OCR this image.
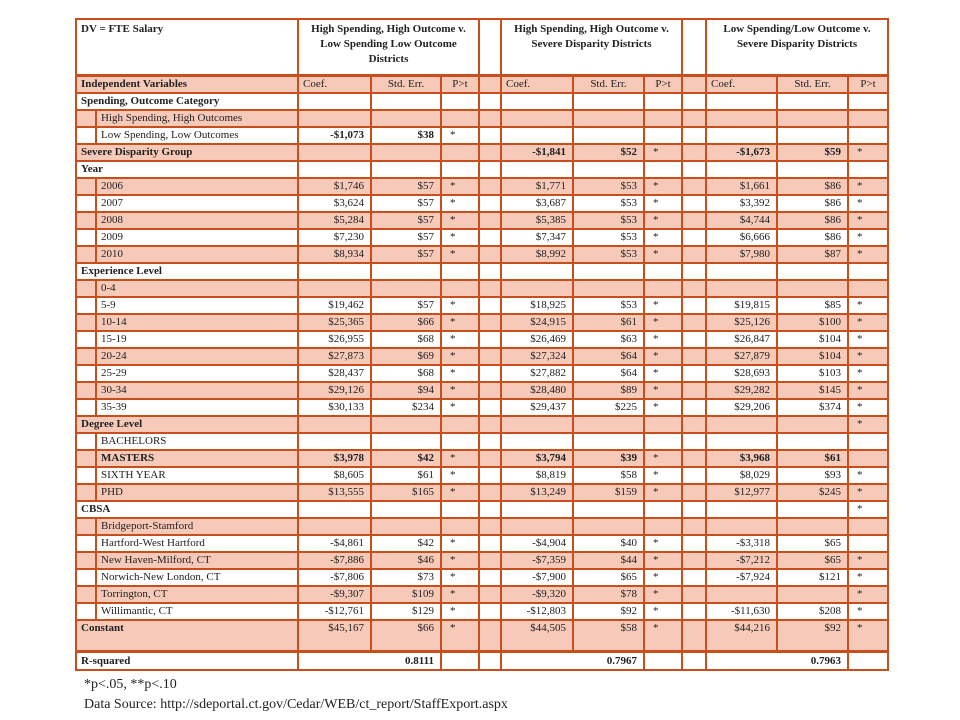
DV = FTE Salary		High Spending, High Outcome v. Low Spending Low Outcome Districts				High Spending, High Outcome v. Severe Disparity Districts				Low Spending/Low Outcome v. Severe Disparity Districts		
Independent Variables		Coef.	Std. Err.	P>t		Coef.	Std. Err.	P>t		Coef.	Std. Err.	P>t
Spending, Outcome Category												
	High Spending, High Outcomes											
	Low Spending, Low Outcomes	-$1,073	$38	*								
Severe Disparity Group						-$1,841	$52	*		-$1,673	$59	*
Year												
	2006	$1,746	$57	*		$1,771	$53	*		$1,661	$86	*
	2007	$3,624	$57	*		$3,687	$53	*		$3,392	$86	*
	2008	$5,284	$57	*		$5,385	$53	*		$4,744	$86	*
	2009	$7,230	$57	*		$7,347	$53	*		$6,666	$86	*
	2010	$8,934	$57	*		$8,992	$53	*		$7,980	$87	*
Experience Level												
	0-4											
	5-9	$19,462	$57	*		$18,925	$53	*		$19,815	$85	*
	10-14	$25,365	$66	*		$24,915	$61	*		$25,126	$100	*
	15-19	$26,955	$68	*		$26,469	$63	*		$26,847	$104	*
	20-24	$27,873	$69	*		$27,324	$64	*		$27,879	$104	*
	25-29	$28,437	$68	*		$27,882	$64	*		$28,693	$103	*
	30-34	$29,126	$94	*		$28,480	$89	*		$29,282	$145	*
	35-39	$30,133	$234	*		$29,437	$225	*		$29,206	$374	*
Degree Level												*
	BACHELORS											
	MASTERS	$3,978	$42	*		$3,794	$39	*		$3,968	$61	
	SIXTH YEAR	$8,605	$61	*		$8,819	$58	*		$8,029	$93	*
	PHD	$13,555	$165	*		$13,249	$159	*		$12,977	$245	*
CBSA												*
	Bridgeport-Stamford											
	Hartford-West Hartford	-$4,861	$42	*		-$4,904	$40	*		-$3,318	$65	
	New Haven-Milford, CT	-$7,886	$46	*		-$7,359	$44	*		-$7,212	$65	*
	Norwich-New London, CT	-$7,806	$73	*		-$7,900	$65	*		-$7,924	$121	*
	Torrington, CT	-$9,307	$109	*		-$9,320	$78	*				*
	Willimantic, CT	-$12,761	$129	*		-$12,803	$92	*		-$11,630	$208	*
Constant		$45,167	$66	*		$44,505	$58	*		$44,216	$92	*
R-squared		0.8111				0.7967				0.7963		
*p<.05, **p<.10
Data Source: http://sdeportal.ct.gov/Cedar/WEB/ct_report/StaffExport.aspx
